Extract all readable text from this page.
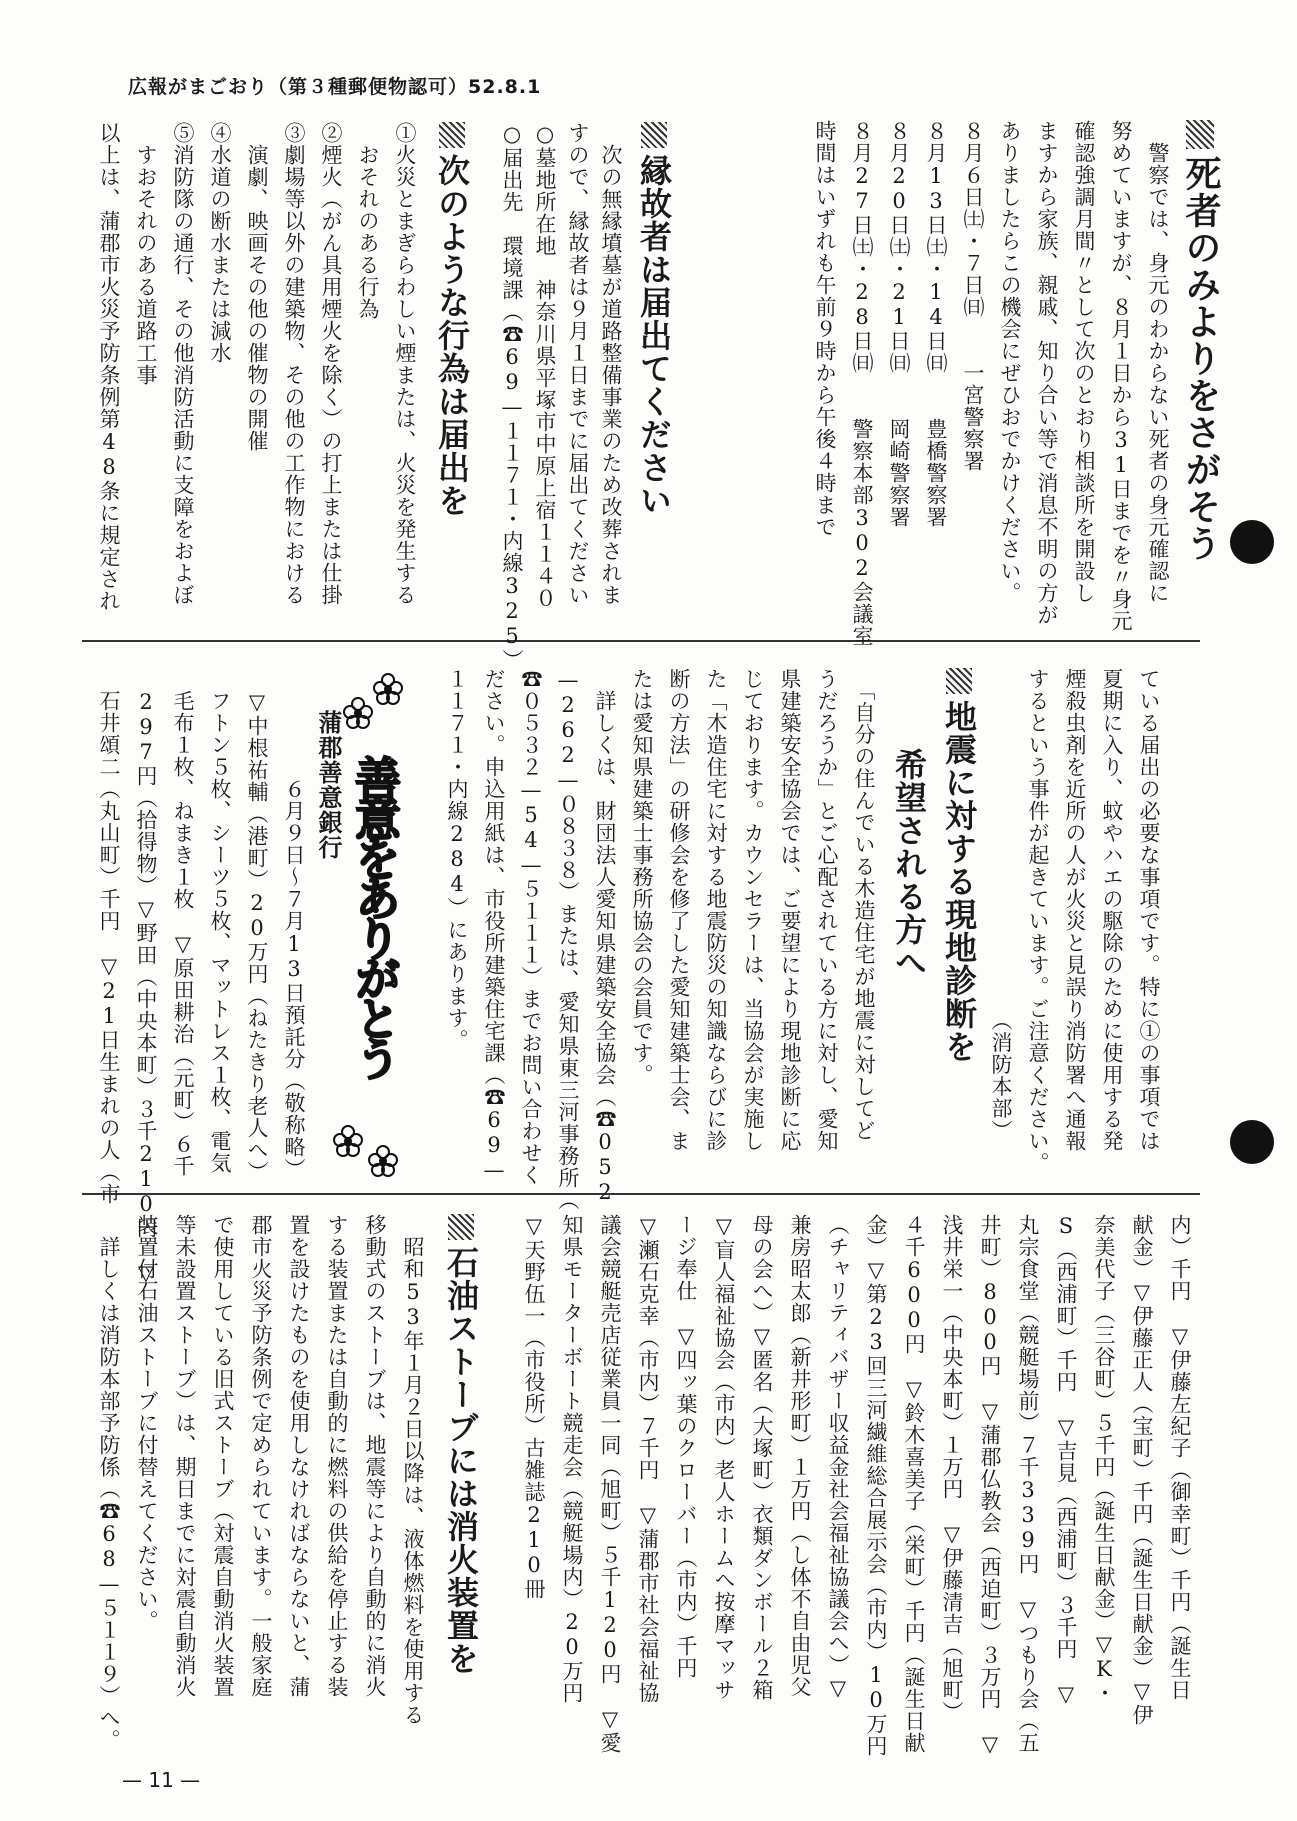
広報がまごおり（第３種郵便物認可）52.8.1
死者のみよりをさがそう
　警察では、身元のわからない死者の身元確認に
努めていますが、８月１日から31日までを〃身元
確認強調月間〃として次のとおり相談所を開設し
ますから家族、親戚、知り合い等で消息不明の方が
ありましたらこの機会にぜひおでかけください。
８月６日㈯・７日㈰　　一宮警察署
８月13日㈯・14日㈰　　豊橋警察署
８月20日㈯・21日㈰　　岡崎警察署
８月27日㈯・28日㈰　　警察本部302会議室
時間はいずれも午前９時から午後４時まで
縁故者は届出てください
　次の無縁墳墓が道路整備事業のため改葬されま
すので、縁故者は９月１日までに届出てください
○墓地所在地　神奈川県平塚市中原上宿１１４０
○届出先　環境課（☎69—１１７１・内線325）
次のような行為は届出を
①火災とまぎらわしい煙または、火災を発生する
　おそれのある行為
②煙火（がん具用煙火を除く）の打上または仕掛
③劇場等以外の建築物、その他の工作物における
　演劇、映画その他の催物の開催
④水道の断水または減水
⑤消防隊の通行、その他消防活動に支障をおよぼ
　すおそれのある道路工事
以上は、蒲郡市火災予防条例第48条に規定され
ている届出の必要な事項です。特に①の事項では
夏期に入り、蚊やハエの駆除のために使用する発
煙殺虫剤を近所の人が火災と見誤り消防署へ通報
するという事件が起きています。ご注意ください。
　　　　　　　　　　　　　　　　（消防本部）
地震に対する現地診断を
希望される方へ
　「自分の住んでいる木造住宅が地震に対してど
うだろうか」とご心配されている方に対し、愛知
県建築安全協会では、ご要望により現地診断に応
じております。カウンセラーは、当協会が実施し
た「木造住宅に対する地震防災の知識ならびに診
断の方法」の研修会を修了した愛知建築士会、ま
たは愛知県建築士事務所協会の会員です。
　詳しくは、財団法人愛知県建築安全協会（☎052
—262—０８３８）または、愛知県東三河事務所（
☎０５３２—54—５１１１）までお問い合わせく
ださい。申込用紙は、市役所建築住宅課（☎69—
１１７１・内線284）にあります。
善意をありがとう
蒲郡善意銀行
　　　　６月９日〜７月13日預託分（敬称略）
▽中根祐輔（港町）20万円（ねたきり老人へ）
フトン５枚、シーツ５枚、マットレス１枚、電気
毛布１枚、ねまき１枚　▽原田耕治（元町）６千
297円（拾得物）▽野田（中央本町）３千210円　▽
石井頌二（丸山町）千円　▽21日生まれの人（市
内）千円　▽伊藤左紀子（御幸町）千円（誕生日
献金）▽伊藤正人（宝町）千円（誕生日献金）▽伊
奈美代子（三谷町）５千円（誕生日献金）▽K・
S（西浦町）千円　▽吉見（西浦町）３千円　▽
丸宗食堂（競艇場前）７千339円　▽つもり会（五
井町）800円　▽蒲郡仏教会（西迫町）３万円　▽
浅井栄一（中央本町）１万円　▽伊藤清吉（旭町）
４千600円　▽鈴木喜美子（栄町）千円（誕生日献
金）▽第23回三河繊維総合展示会（市内）10万円
（チャリティバザー収益金社会福祉協議会へ）▽
兼房昭太郎（新井形町）１万円（し体不自由児父
母の会へ）▽匿名（大塚町）衣類ダンボール２箱
▽盲人福祉協会（市内）老人ホームへ按摩マッサ
ージ奉仕　▽四ッ葉のクローバー（市内）千円
▽瀬石克幸（市内）７千円　▽蒲郡市社会福祉協
議会競艇売店従業員一同（旭町）５千120円　▽愛
知県モーターボート競走会（競艇場内）20万円
▽天野伍一（市役所）古雑誌210冊
石油ストーブには消火装置を
　昭和53年１月２日以降は、液体燃料を使用する
移動式のストーブは、地震等により自動的に消火
する装置または自動的に燃料の供給を停止する装
置を設けたものを使用しなければならないと、蒲
郡市火災予防条例で定められています。一般家庭
で使用している旧式ストーブ（対震自動消火装置
等未設置ストーブ）は、期日までに対震自動消火
装置付石油ストーブに付替えてください。
　詳しくは消防本部予防係（☎68—５１１９）へ。
— 11 —
